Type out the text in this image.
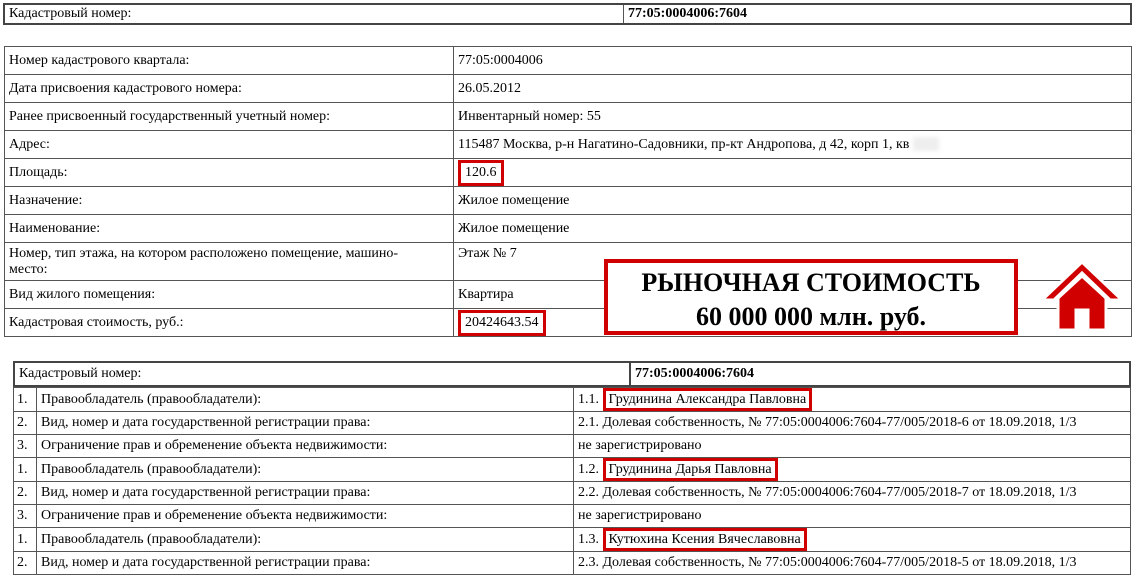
Кадастровый номер:	77:05:0004006:7604
Номер кадастрового квартала:	77:05:0004006
Дата присвоения кадастрового номера:	26.05.2012
Ранее присвоенный государственный учетный номер:	Инвентарный номер: 55
Адрес:	115487 Москва, р-н Нагатино-Садовники, пр-кт Андропова, д 42, корп 1, кв
Площадь:	120.6
Назначение:	Жилое помещение
Наименование:	Жилое помещение

Номер, тип этажа, на котором расположено помещение, машино-
место:	Этаж № 7
Вид жилого помещения:	Квартира
Кадастровая стоимость, руб.:	20424643.54
РЫНОЧНАЯ СТОИМОСТЬ
60 000 000 млн. руб.
Кадастровый номер:	77:05:0004006:7604
1.	Правообладатель (правообладатели):	1.1. Грудинина Александра Павловна
2.	Вид, номер и дата государственной регистрации права:	2.1. Долевая собственность, № 77:05:0004006:7604-77/005/2018-6 от 18.09.2018, 1/3
3.	Ограничение прав и обременение объекта недвижимости:	не зарегистрировано
1.	Правообладатель (правообладатели):	1.2. Грудинина Дарья Павловна
2.	Вид, номер и дата государственной регистрации права:	2.2. Долевая собственность, № 77:05:0004006:7604-77/005/2018-7 от 18.09.2018, 1/3
3.	Ограничение прав и обременение объекта недвижимости:	не зарегистрировано
1.	Правообладатель (правообладатели):	1.3. Кутюхина Ксения Вячеславовна
2.	Вид, номер и дата государственной регистрации права:	2.3. Долевая собственность, № 77:05:0004006:7604-77/005/2018-5 от 18.09.2018, 1/3
